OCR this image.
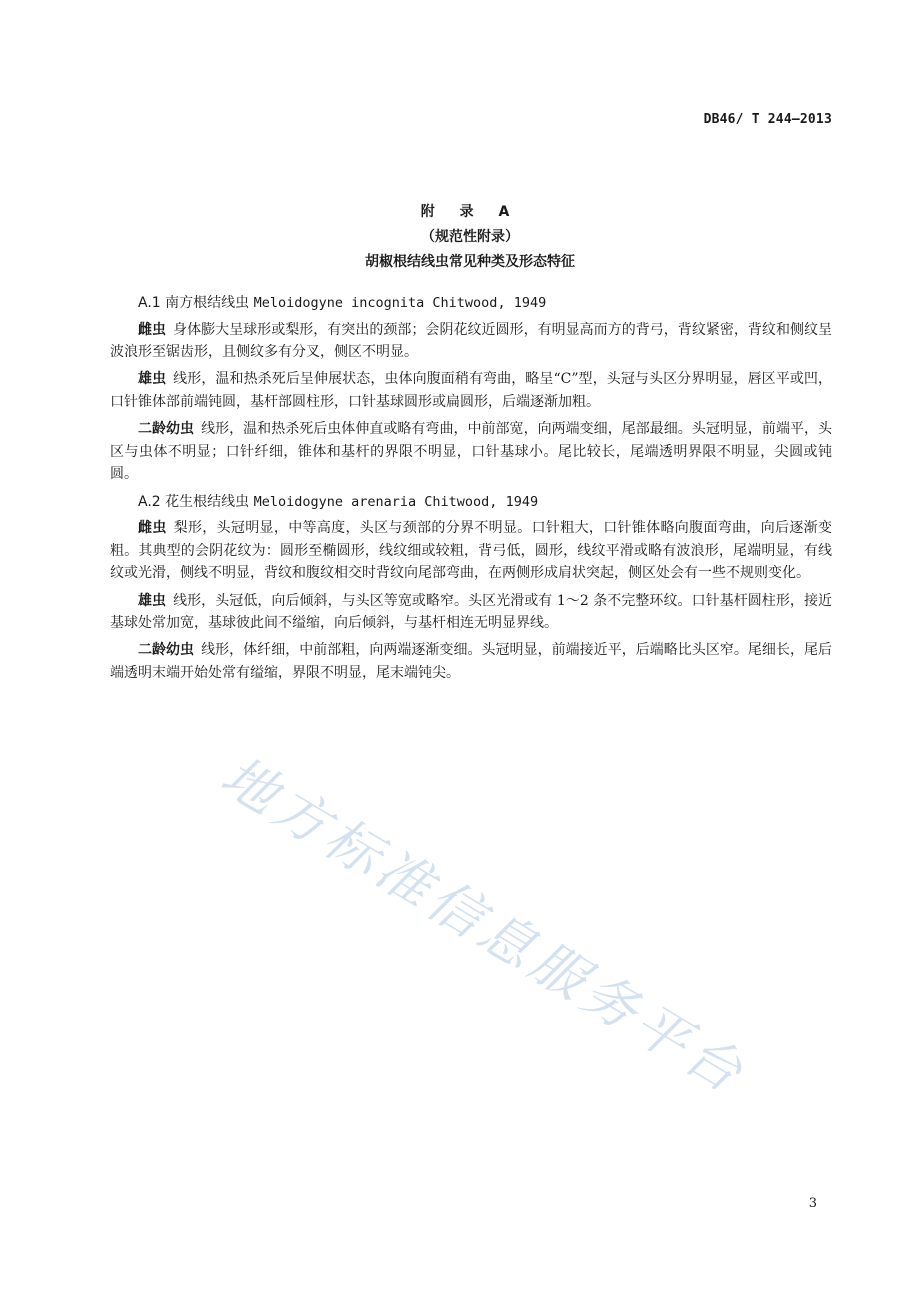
DB46/ T 244—2013
附 录 A
（规范性附录）
胡椒根结线虫常见种类及形态特征

A.1 南方根结线虫 Meloidogyne incognita Chitwood, 1949

雌虫 身体膨大呈球形或梨形，有突出的颈部；会阴花纹近圆形，有明显高而方的背弓，背纹紧密，背纹和侧纹呈波浪形至锯齿形，且侧纹多有分叉，侧区不明显。

雄虫 线形，温和热杀死后呈伸展状态，虫体向腹面稍有弯曲，略呈“C”型，头冠与头区分界明显，唇区平或凹，口针锥体部前端钝圆，基杆部圆柱形，口针基球圆形或扁圆形，后端逐渐加粗。

二龄幼虫 线形，温和热杀死后虫体伸直或略有弯曲，中前部宽，向两端变细，尾部最细。头冠明显，前端平，头区与虫体不明显；口针纤细，锥体和基杆的界限不明显，口针基球小。尾比较长，尾端透明界限不明显，尖圆或钝圆。

A.2 花生根结线虫 Meloidogyne arenaria Chitwood, 1949

雌虫 梨形，头冠明显，中等高度，头区与颈部的分界不明显。口针粗大，口针锥体略向腹面弯曲，向后逐渐变粗。其典型的会阴花纹为：圆形至椭圆形，线纹细或较粗，背弓低，圆形，线纹平滑或略有波浪形，尾端明显，有线纹或光滑，侧线不明显，背纹和腹纹相交时背纹向尾部弯曲，在两侧形成肩状突起，侧区处会有一些不规则变化。

雄虫 线形，头冠低，向后倾斜，与头区等宽或略窄。头区光滑或有 1～2 条不完整环纹。口针基杆圆柱形，接近基球处常加宽，基球彼此间不缢缩，向后倾斜，与基杆相连无明显界线。

二龄幼虫 线形，体纤细，中前部粗，向两端逐渐变细。头冠明显，前端接近平，后端略比头区窄。尾细长，尾后端透明末端开始处常有缢缩，界限不明显，尾末端钝尖。

地方标准信息服务平台
3
